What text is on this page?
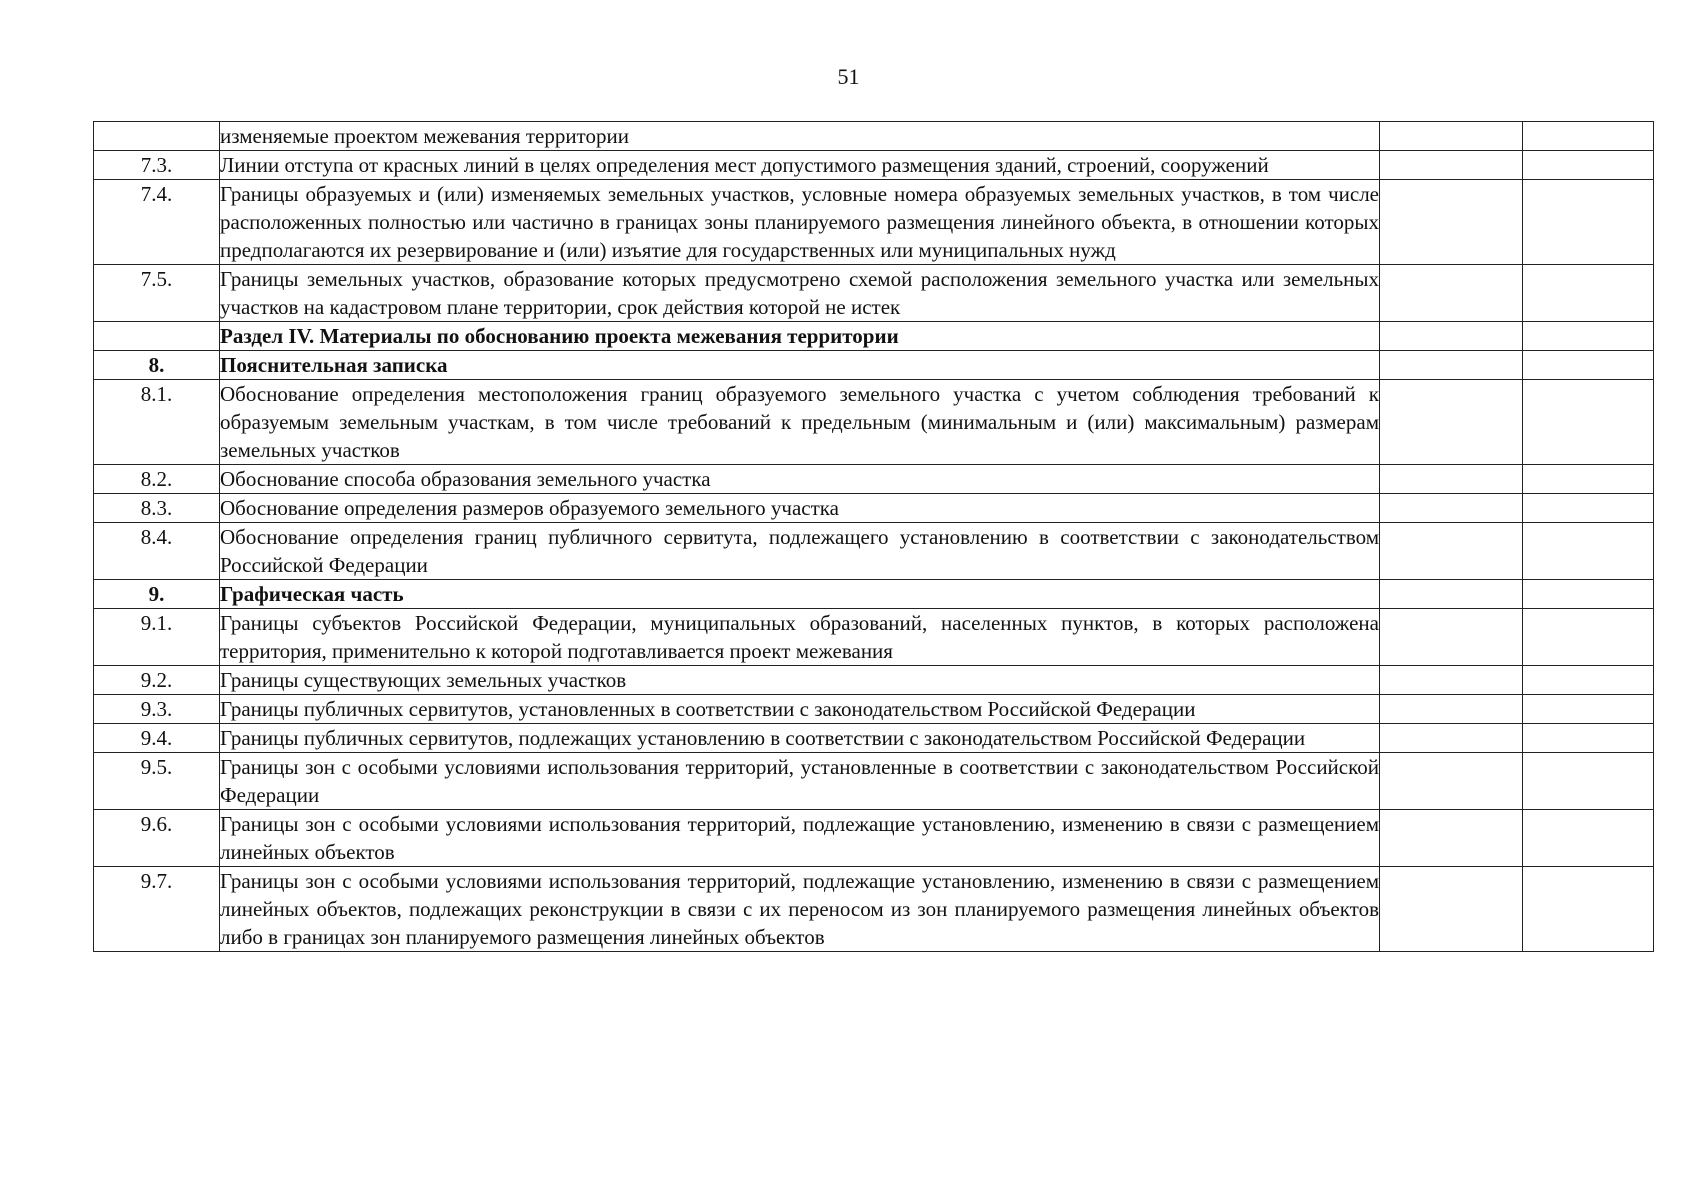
51
	изменяемые проектом межевания территории		
7.3.	Линии отступа от красных линий в целях определения мест допустимого размещения зданий, строений, сооружений		
7.4.	Границы образуемых и (или) изменяемых земельных участков, условные номера образуемых земельных участков, в том числе расположенных полностью или частично в границах зоны планируемого размещения линейного объекта, в отношении которых предполагаются их резервирование и (или) изъятие для государственных или муниципальных нужд		
7.5.	Границы земельных участков, образование которых предусмотрено схемой расположения земельного участка или земельных участков на кадастровом плане территории, срок действия которой не истек		
	Раздел IV. Материалы по обоснованию проекта межевания территории		
8.	Пояснительная записка		
8.1.	Обоснование определения местоположения границ образуемого земельного участка с учетом соблюдения требований к образуемым земельным участкам, в том числе требований к предельным (минимальным и (или) максимальным) размерам земельных участков		
8.2.	Обоснование способа образования земельного участка		
8.3.	Обоснование определения размеров образуемого земельного участка		
8.4.	Обоснование определения границ публичного сервитута, подлежащего установлению в соответствии с законодательством Российской Федерации		
9.	Графическая часть		
9.1.	Границы субъектов Российской Федерации, муниципальных образований, населенных пунктов, в которых расположена территория, применительно к которой подготавливается проект межевания		
9.2.	Границы существующих земельных участков		
9.3.	Границы публичных сервитутов, установленных в соответствии с законодательством Российской Федерации		
9.4.	Границы публичных сервитутов, подлежащих установлению в соответствии с законодательством Российской Федерации		
9.5.	Границы зон с особыми условиями использования территорий, установленные в соответствии с законодательством Российской Федерации		
9.6.	Границы зон с особыми условиями использования территорий, подлежащие установлению, изменению в связи с размещением линейных объектов		
9.7.	Границы зон с особыми условиями использования территорий, подлежащие установлению, изменению в связи с размещением линейных объектов, подлежащих реконструкции в связи с их переносом из зон планируемого размещения линейных объектов либо в границах зон планируемого размещения линейных объектов		
